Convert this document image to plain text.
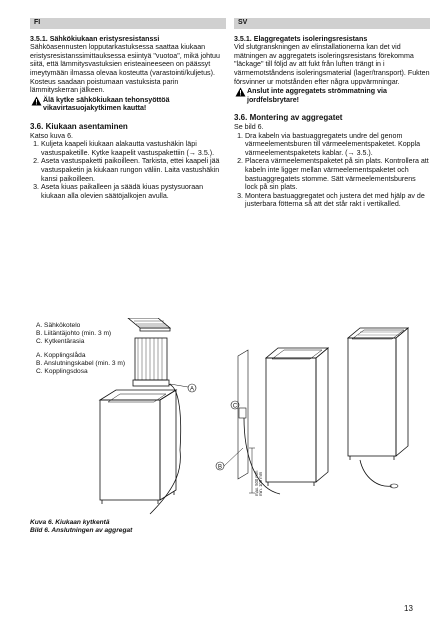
FI

3.5.1. Sähkökiukaan eristysresistanssi

Sähköasennusten lopputarkastuksessa saattaa kiukaan eristysresistanssimittauksessa esiintyä "vuotoa", mikä johtuu siitä, että lämmitysvastuksien eristeaineeseen on päässyt imeytymään ilmassa olevaa kosteutta (varastointi/kuljetus). Kosteus saadaan poistumaan vastuksista parin lämmityskerran jälkeen.

Älä kytke sähkökiukaan tehonsyöttöä vikavirtasuojakytkimen kautta!

3.6. Kiukaan asentaminen

Katso kuva 6.

1. Kuljeta kaapeli kiukaan alakautta vastushäkin läpi vastuspaketille. Kytke kaapelit vastuspakettiin (→ 3.5.).
2. Aseta vastuspaketti paikoilleen. Tarkista, ettei kaapeli jää vastuspaketin ja kiukaan rungon väliin. Laita vastushäkin kansi paikoilleen.
3. Aseta kiuas paikalleen ja säädä kiuas pystysuoraan kiukaan alla olevien säätöjalkojen avulla.
SV

3.5.1. Elaggregatets isoleringsresistans

Vid slutgranskningen av elinstallationerna kan det vid mätningen av aggregatets isoleringsresistans förekomma "läckage" till följd av att fukt från luften trängt in i värmemotståndens isoleringsmaterial (lager/transport). Fukten försvinner ur motstånden efter några uppvärmningar.

Anslut inte aggregatets strömmatning via jordfelsbrytare!

3.6. Montering av aggregatet

Se bild 6.

1. Dra kabeln via bastuaggregatets undre del genom värmeelementsburen till värmeelementspaketet. Koppla värmeelementspaketets kablar. (→ 3.5.).
2. Placera värmeelementspaketet på sin plats. Kontrollera att kabeln inte ligger mellan värmeelementspaketet och bastuaggregatets stomme. Sätt värmeelementsburens lock på sin plats.
3. Montera bastuaggregatet och justera det med hjälp av de justerbara fötterna så att det står rakt i vertikalled.
A
C
B
min. 100 mm
max. 500 mm
A. Sähkökotelo
B. Liitäntäjohto (min. 3 m)
C. Kytkentärasia
A. Kopplingslåda
B. Anslutningskabel (min. 3 m)
C. Kopplingsdosa
Kuva 6. Kiukaan kytkentä
Bild 6. Anslutningen av aggregat
13
